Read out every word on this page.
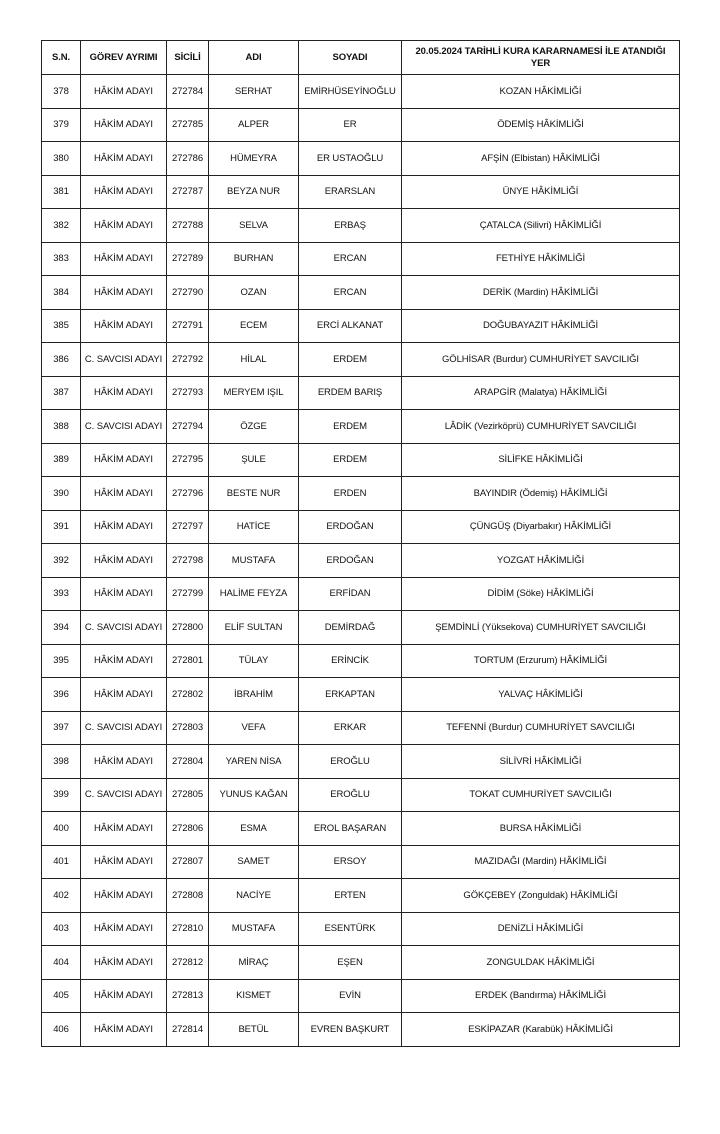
S.N.	GÖREV AYRIMI	SİCİLİ	ADI	SOYADI	20.05.2024 TARİHLİ KURA KARARNAMESİ İLE ATANDIĞI YER
378	HÂKİM ADAYI	272784	SERHAT	EMİRHÜSEYİNOĞLU	KOZAN HÂKİMLİĞİ
379	HÂKİM ADAYI	272785	ALPER	ER	ÖDEMİŞ HÂKİMLİĞİ
380	HÂKİM ADAYI	272786	HÜMEYRA	ER USTAOĞLU	AFŞİN (Elbistan) HÂKİMLİĞİ
381	HÂKİM ADAYI	272787	BEYZA NUR	ERARSLAN	ÜNYE HÂKİMLİĞİ
382	HÂKİM ADAYI	272788	SELVA	ERBAŞ	ÇATALCA (Silivri) HÂKİMLİĞİ
383	HÂKİM ADAYI	272789	BURHAN	ERCAN	FETHİYE HÂKİMLİĞİ
384	HÂKİM ADAYI	272790	OZAN	ERCAN	DERİK (Mardin) HÂKİMLİĞİ
385	HÂKİM ADAYI	272791	ECEM	ERCİ ALKANAT	DOĞUBAYAZIT HÂKİMLİĞİ
386	C. SAVCISI ADAYI	272792	HİLAL	ERDEM	GÖLHİSAR (Burdur) CUMHURİYET SAVCILIĞI
387	HÂKİM ADAYI	272793	MERYEM IŞIL	ERDEM BARIŞ	ARAPGİR (Malatya) HÂKİMLİĞİ
388	C. SAVCISI ADAYI	272794	ÖZGE	ERDEM	LÂDİK (Vezirköprü) CUMHURİYET SAVCILIĞI
389	HÂKİM ADAYI	272795	ŞULE	ERDEM	SİLİFKE HÂKİMLİĞİ
390	HÂKİM ADAYI	272796	BESTE NUR	ERDEN	BAYINDIR (Ödemiş) HÂKİMLİĞİ
391	HÂKİM ADAYI	272797	HATİCE	ERDOĞAN	ÇÜNGÜŞ (Diyarbakır) HÂKİMLİĞİ
392	HÂKİM ADAYI	272798	MUSTAFA	ERDOĞAN	YOZGAT HÂKİMLİĞİ
393	HÂKİM ADAYI	272799	HALİME FEYZA	ERFİDAN	DİDİM (Söke) HÂKİMLİĞİ
394	C. SAVCISI ADAYI	272800	ELİF SULTAN	DEMİRDAĞ	ŞEMDİNLİ (Yüksekova) CUMHURİYET SAVCILIĞI
395	HÂKİM ADAYI	272801	TÜLAY	ERİNCİK	TORTUM (Erzurum) HÂKİMLİĞİ
396	HÂKİM ADAYI	272802	İBRAHİM	ERKAPTAN	YALVAÇ HÂKİMLİĞİ
397	C. SAVCISI ADAYI	272803	VEFA	ERKAR	TEFENNİ (Burdur) CUMHURİYET SAVCILIĞI
398	HÂKİM ADAYI	272804	YAREN NİSA	EROĞLU	SİLİVRİ HÂKİMLİĞİ
399	C. SAVCISI ADAYI	272805	YUNUS KAĞAN	EROĞLU	TOKAT CUMHURİYET SAVCILIĞI
400	HÂKİM ADAYI	272806	ESMA	EROL BAŞARAN	BURSA HÂKİMLİĞİ
401	HÂKİM ADAYI	272807	SAMET	ERSOY	MAZIDAĞI (Mardin) HÂKİMLİĞİ
402	HÂKİM ADAYI	272808	NACİYE	ERTEN	GÖKÇEBEY (Zonguldak) HÂKİMLİĞİ
403	HÂKİM ADAYI	272810	MUSTAFA	ESENTÜRK	DENİZLİ HÂKİMLİĞİ
404	HÂKİM ADAYI	272812	MİRAÇ	EŞEN	ZONGULDAK HÂKİMLİĞİ
405	HÂKİM ADAYI	272813	KISMET	EVİN	ERDEK (Bandırma) HÂKİMLİĞİ
406	HÂKİM ADAYI	272814	BETÜL	EVREN BAŞKURT	ESKİPAZAR (Karabük) HÂKİMLİĞİ
